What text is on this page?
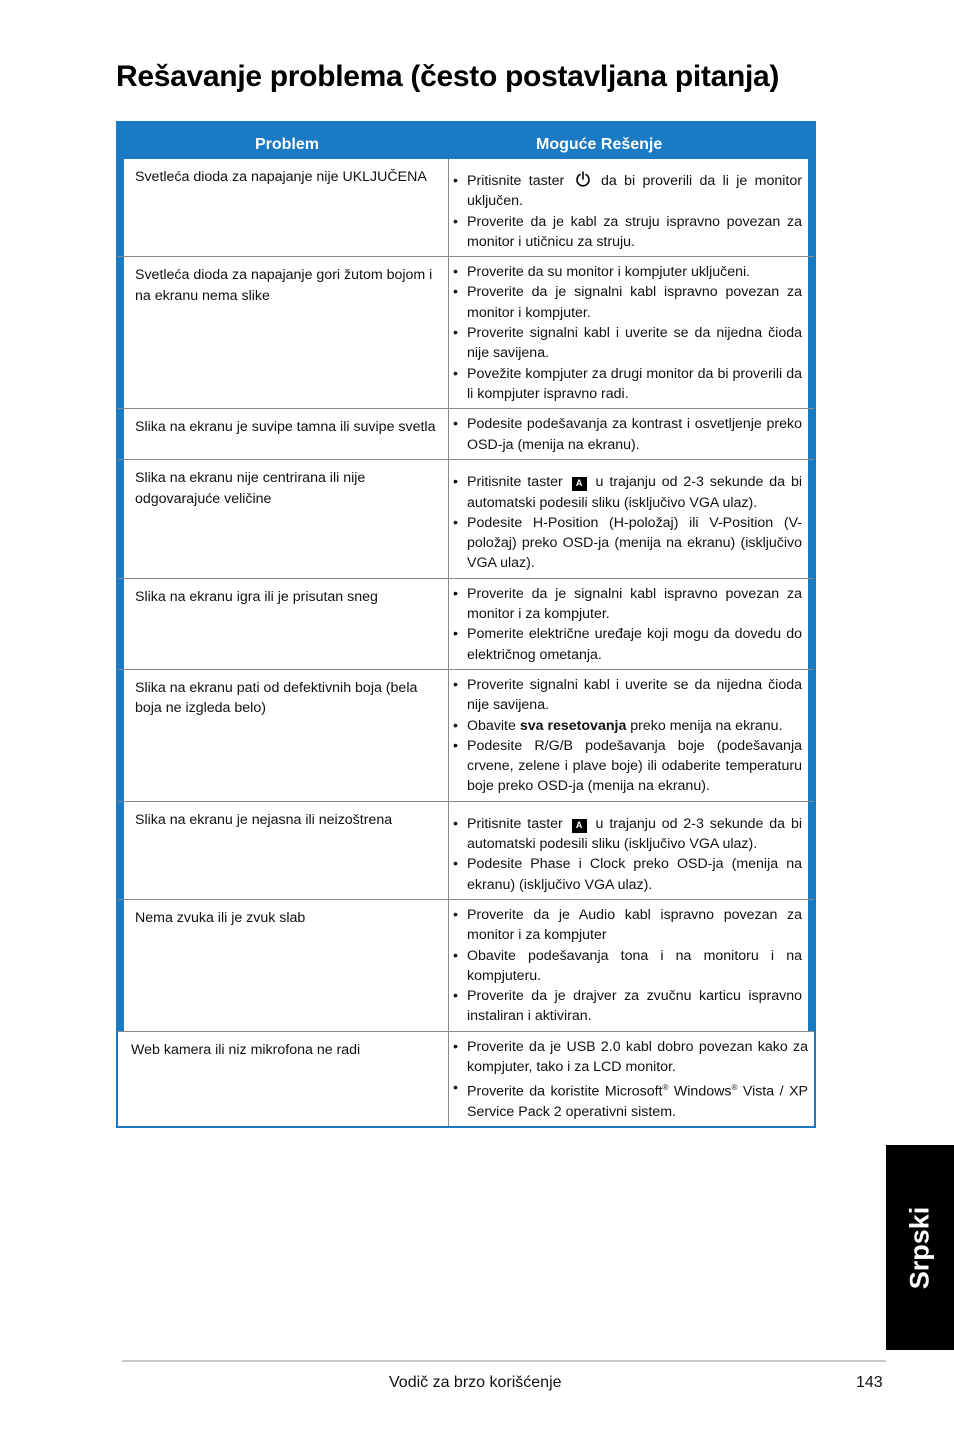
Rešavanje problema (često postavljana pitanja)
Problem	Moguće Rešenje
Svetleća dioda za napajanje nije UKLJUČENA	• Pritisnite taster	da bi proverili da li je monitor uključen.
• Proverite da je kabl za struju ispravno povezan za monitor i utičnicu za struju.
Svetleća dioda za napajanje gori žutom bojom i na ekranu nema slike
• Proverite da su monitor i kompjuter uključeni.
• Proverite da je signalni kabl ispravno povezan za monitor i kompjuter.
• Proverite signalni kabl i uverite se da nijedna čioda nije savijena.
• Povežite kompjuter za drugi monitor da bi proverili da li kompjuter ispravno radi.
Slika na ekranu je suvipe tamna ili suvipe svetla	• Podesite podešavanja za kontrast i osvetljenje preko OSD-ja (menija na ekranu).
Slika na ekranu nije centrirana ili nije odgovarajuće veličine
• Pritisnite taster A u trajanju od 2-3 sekunde da bi automatski podesili sliku (isključivo VGA ulaz).
• Podesite H-Position (H-položaj) ili V-Position (V-položaj) preko OSD-ja (menija na ekranu) (isključivo VGA ulaz).
Slika na ekranu igra ili je prisutan sneg	• Proverite da je signalni kabl ispravno povezan za monitor i za kompjuter.
• Pomerite električne uređaje koji mogu da dovedu do električnog ometanja.
Slika na ekranu pati od defektivnih boja (bela boja ne izgleda belo)
• Proverite signalni kabl i uverite se da nijedna čioda nije savijena.
• Obavite sva resetovanja preko menija na ekranu.
• Podesite R/G/B podešavanja boje (podešavanja crvene, zelene i plave boje) ili odaberite temperaturu boje preko OSD-ja (menija na ekranu).
Slika na ekranu je nejasna ili neizoštrena	• Pritisnite taster A u trajanju od 2-3 sekunde da bi automatski podesili sliku (isključivo VGA ulaz).
• Podesite Phase i Clock preko OSD-ja (menija na ekranu) (isključivo VGA ulaz).
Nema zvuka ili je zvuk slab	• Proverite da je Audio kabl ispravno povezan za monitor i za kompjuter
• Obavite podešavanja tona i na monitoru i na kompjuteru.
• Proverite da je drajver za zvučnu karticu ispravno instaliran i aktiviran.
Web kamera ili niz mikrofona ne radi	• Proverite da je USB 2.0 kabl dobro povezan kako za kompjuter, tako i za LCD monitor.
• Proverite da koristite Microsoft® Windows® Vista / XP Service Pack 2 operativni sistem.
Srpski
Vodič za brzo korišćenje	143
